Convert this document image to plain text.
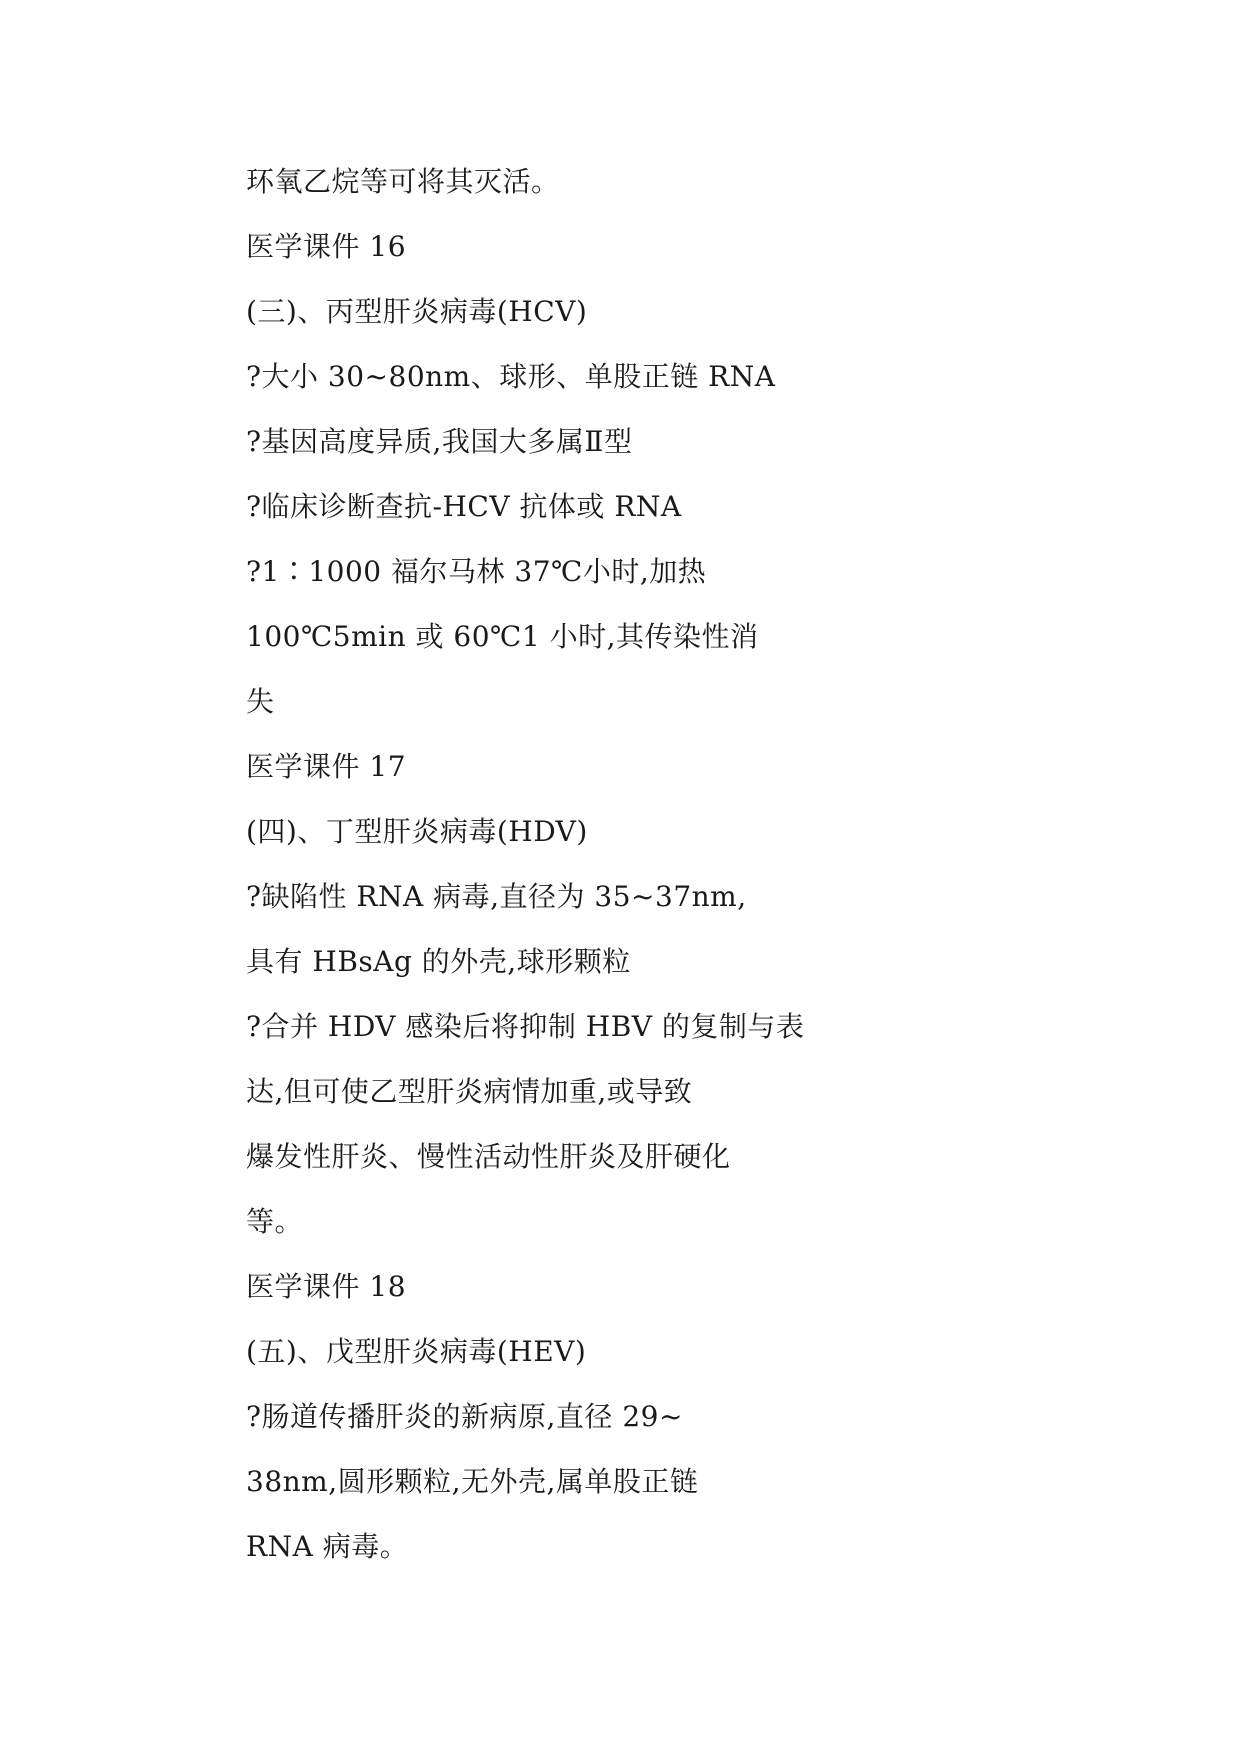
环氧乙烷等可将其灭活。
医学课件 16
(三)、丙型肝炎病毒(HCV)
?大小 30~80nm、球形、单股正链 RNA
?基因高度异质,我国大多属Ⅱ型
?临床诊断查抗-HCV 抗体或 RNA
?1∶1000 福尔马林 37℃小时,加热
100℃5min 或 60℃1 小时,其传染性消
失
医学课件 17
(四)、丁型肝炎病毒(HDV)
?缺陷性 RNA 病毒,直径为 35~37nm,
具有 HBsAg 的外壳,球形颗粒
?合并 HDV 感染后将抑制 HBV 的复制与表
达,但可使乙型肝炎病情加重,或导致
爆发性肝炎、慢性活动性肝炎及肝硬化
等。
医学课件 18
(五)、戊型肝炎病毒(HEV)
?肠道传播肝炎的新病原,直径 29~
38nm,圆形颗粒,无外壳,属单股正链
RNA 病毒。
